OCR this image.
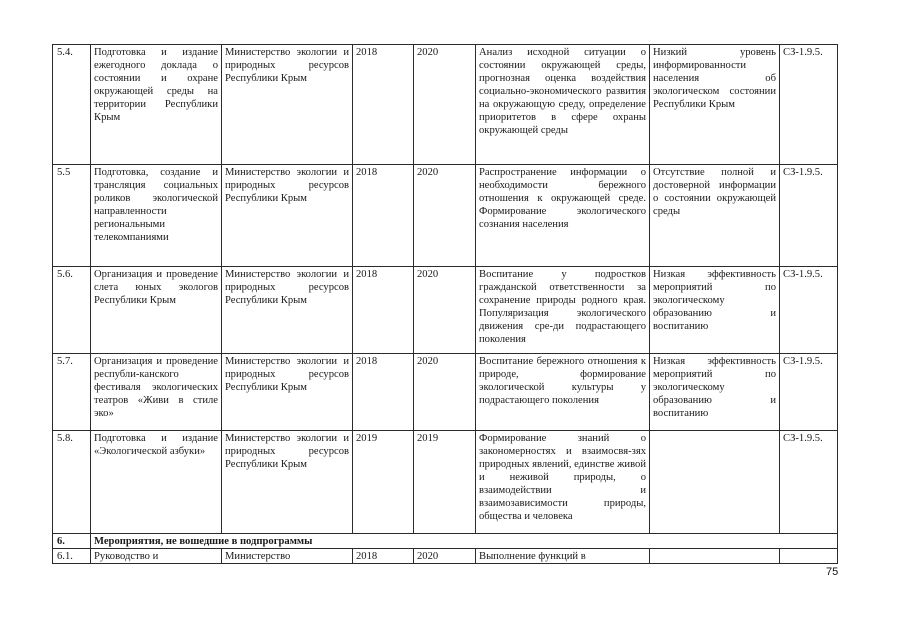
5.4.	Подготовка и издание ежегодного доклада о состоянии и охране окружающей среды на территории Республики Крым	Министерство экологии и природных ресурсов Республики Крым	2018	2020	Анализ исходной ситуации о состоянии окружающей среды, прогнозная оценка воздействия социально-экономического развития на окружающую среду, определение приоритетов в сфере охраны окружающей среды	Низкий уровень информированности населения об экологическом состоянии Республики Крым	СЗ-1.9.5.
5.5	Подготовка, создание и трансляция социальных роликов экологической направленности региональными телекомпаниями	Министерство экологии и природных ресурсов Республики Крым	2018	2020	Распространение информации о необходимости бережного отношения к окружающей среде. Формирование экологического сознания населения	Отсутствие полной и достоверной информации о состоянии окружающей среды	СЗ-1.9.5.
5.6.	Организация и проведение слета юных экологов Республики Крым	Министерство экологии и природных ресурсов Республики Крым	2018	2020	Воспитание у подростков гражданской ответственности за сохранение природы родного края. Популяризация экологического движения сре-ди подрастающего поколения	Низкая эффективность мероприятий по экологическому образованию и воспитанию	СЗ-1.9.5.
5.7.	Организация и проведение республи-канского фестиваля экологических театров «Живи в стиле эко»	Министерство экологии и природных ресурсов Республики Крым	2018	2020	Воспитание бережного отношения к природе, формирование экологической культуры у подрастающего поколения	Низкая эффективность мероприятий по экологическому образованию и воспитанию	СЗ-1.9.5.
5.8.	Подготовка и издание «Экологической азбуки»	Министерство экологии и природных ресурсов Республики Крым	2019	2019	Формирование знаний о закономерностях и взаимосвя-зях природных явлений, единстве живой и неживой природы, о взаимодействии и взаимозависимости природы, общества и человека		СЗ-1.9.5.
6.	Мероприятия, не вошедшие в подпрограммы						
6.1.	Руководство и	Министерство	2018	2020	Выполнение функций в		
75
